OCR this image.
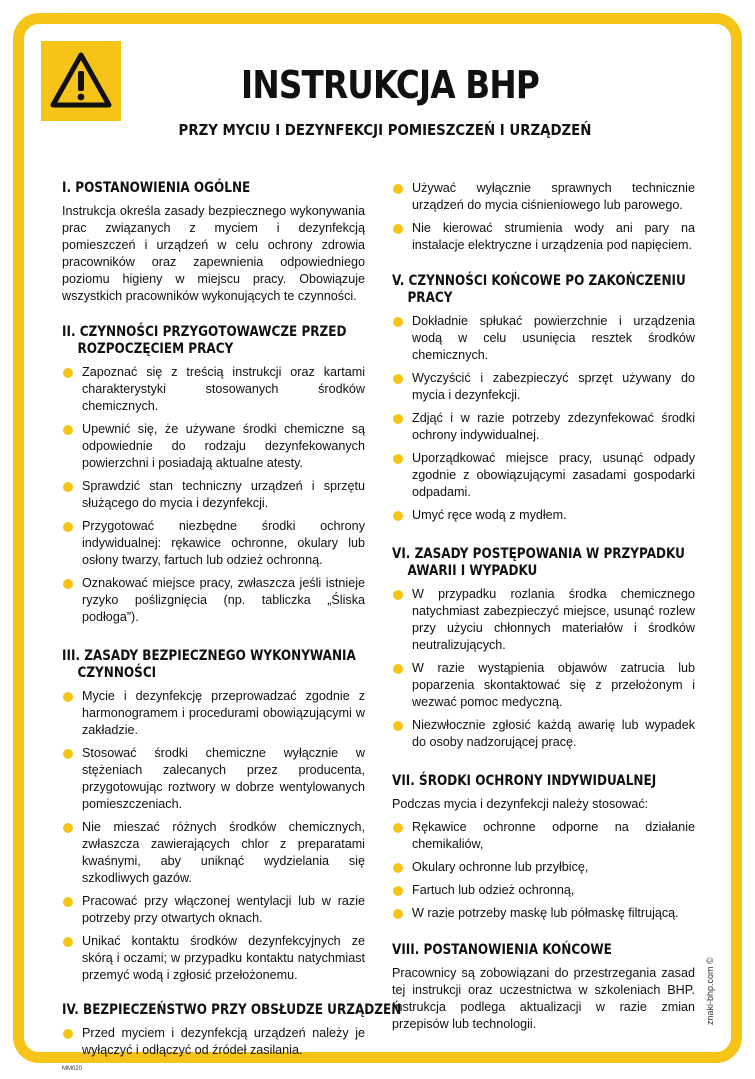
INSTRUKCJA BHP
PRZY MYCIU I DEZYNFEKCJI POMIESZCZEŃ I URZĄDZEŃ
I. POSTANOWIENIA OGÓLNE

Instrukcja określa zasady bezpiecznego wykonywania prac związanych z myciem i dezynfekcją pomieszczeń i urządzeń w celu ochrony zdrowia pracowników oraz zapewnienia odpowiedniego poziomu higieny w miejscu pracy. Obowiązuje wszystkich pracowników wykonujących te czynności.

II. CZYNNOŚCI PRZYGOTOWAWCZE PRZED
ROZPOCZĘCIEM PRACY
Zapoznać się z treścią instrukcji oraz kartami charakterystyki stosowanych środków chemicznych.
Upewnić się, że używane środki chemiczne są odpowiednie do rodzaju dezynfekowanych powierzchni i posiadają aktualne atesty.
Sprawdzić stan techniczny urządzeń i sprzętu służącego do mycia i dezynfekcji.
Przygotować niezbędne środki ochrony indywidualnej: rękawice ochronne, okulary lub osłony twarzy, fartuch lub odzież ochronną.
Oznakować miejsce pracy, zwłaszcza jeśli istnieje ryzyko poślizgnięcia (np. tabliczka „Śliska podłoga”).
III. ZASADY BEZPIECZNEGO WYKONYWANIA
CZYNNOŚCI
Mycie i dezynfekcję przeprowadzać zgodnie z harmonogramem i procedurami obowiązującymi w zakładzie.
Stosować środki chemiczne wyłącznie w stężeniach zalecanych przez producenta, przygotowując roztwory w dobrze wentylowanych pomieszczeniach.
Nie mieszać różnych środków chemicznych, zwłaszcza zawierających chlor z preparatami kwaśnymi, aby uniknąć wydzielania się szkodliwych gazów.
Pracować przy włączonej wentylacji lub w razie potrzeby przy otwartych oknach.
Unikać kontaktu środków dezynfekcyjnych ze skórą i oczami; w przypadku kontaktu natychmiast przemyć wodą i zgłosić przełożonemu.
IV. BEZPIECZEŃSTWO PRZY OBSŁUDZE URZĄDZEŃ
Przed myciem i dezynfekcją urządzeń należy je wyłączyć i odłączyć od źródeł zasilania.
Używać wyłącznie sprawnych technicznie urządzeń do mycia ciśnieniowego lub parowego.
Nie kierować strumienia wody ani pary na instalacje elektryczne i urządzenia pod napięciem.
V. CZYNNOŚCI KOŃCOWE PO ZAKOŃCZENIU
PRACY
Dokładnie spłukać powierzchnie i urządzenia wodą w celu usunięcia resztek środków chemicznych.
Wyczyścić i zabezpieczyć sprzęt używany do mycia i dezynfekcji.
Zdjąć i w razie potrzeby zdezynfekować środki ochrony indywidualnej.
Uporządkować miejsce pracy, usunąć odpady zgodnie z obowiązującymi zasadami gospodarki odpadami.
Umyć ręce wodą z mydłem.
VI. ZASADY POSTĘPOWANIA W PRZYPADKU
AWARII I WYPADKU
W przypadku rozlania środka chemicznego natychmiast zabezpieczyć miejsce, usunąć rozlew przy użyciu chłonnych materiałów i środków neutralizujących.
W razie wystąpienia objawów zatrucia lub poparzenia skontaktować się z przełożonym i wezwać pomoc medyczną.
Niezwłocznie zgłosić każdą awarię lub wypadek do osoby nadzorującej pracę.
VII. ŚRODKI OCHRONY INDYWIDUALNEJ

Podczas mycia i dezynfekcji należy stosować:

Rękawice ochronne odporne na działanie chemikaliów,
Okulary ochronne lub przyłbicę,
Fartuch lub odzież ochronną,
W razie potrzeby maskę lub półmaskę filtrującą.
VIII. POSTANOWIENIA KOŃCOWE

Pracownicy są zobowiązani do przestrzegania zasad tej instrukcji oraz uczestnictwa w szkoleniach BHP. Instrukcja podlega aktualizacji w razie zmian przepisów lub technologii.	znaki-bhp.com ©
MM020
